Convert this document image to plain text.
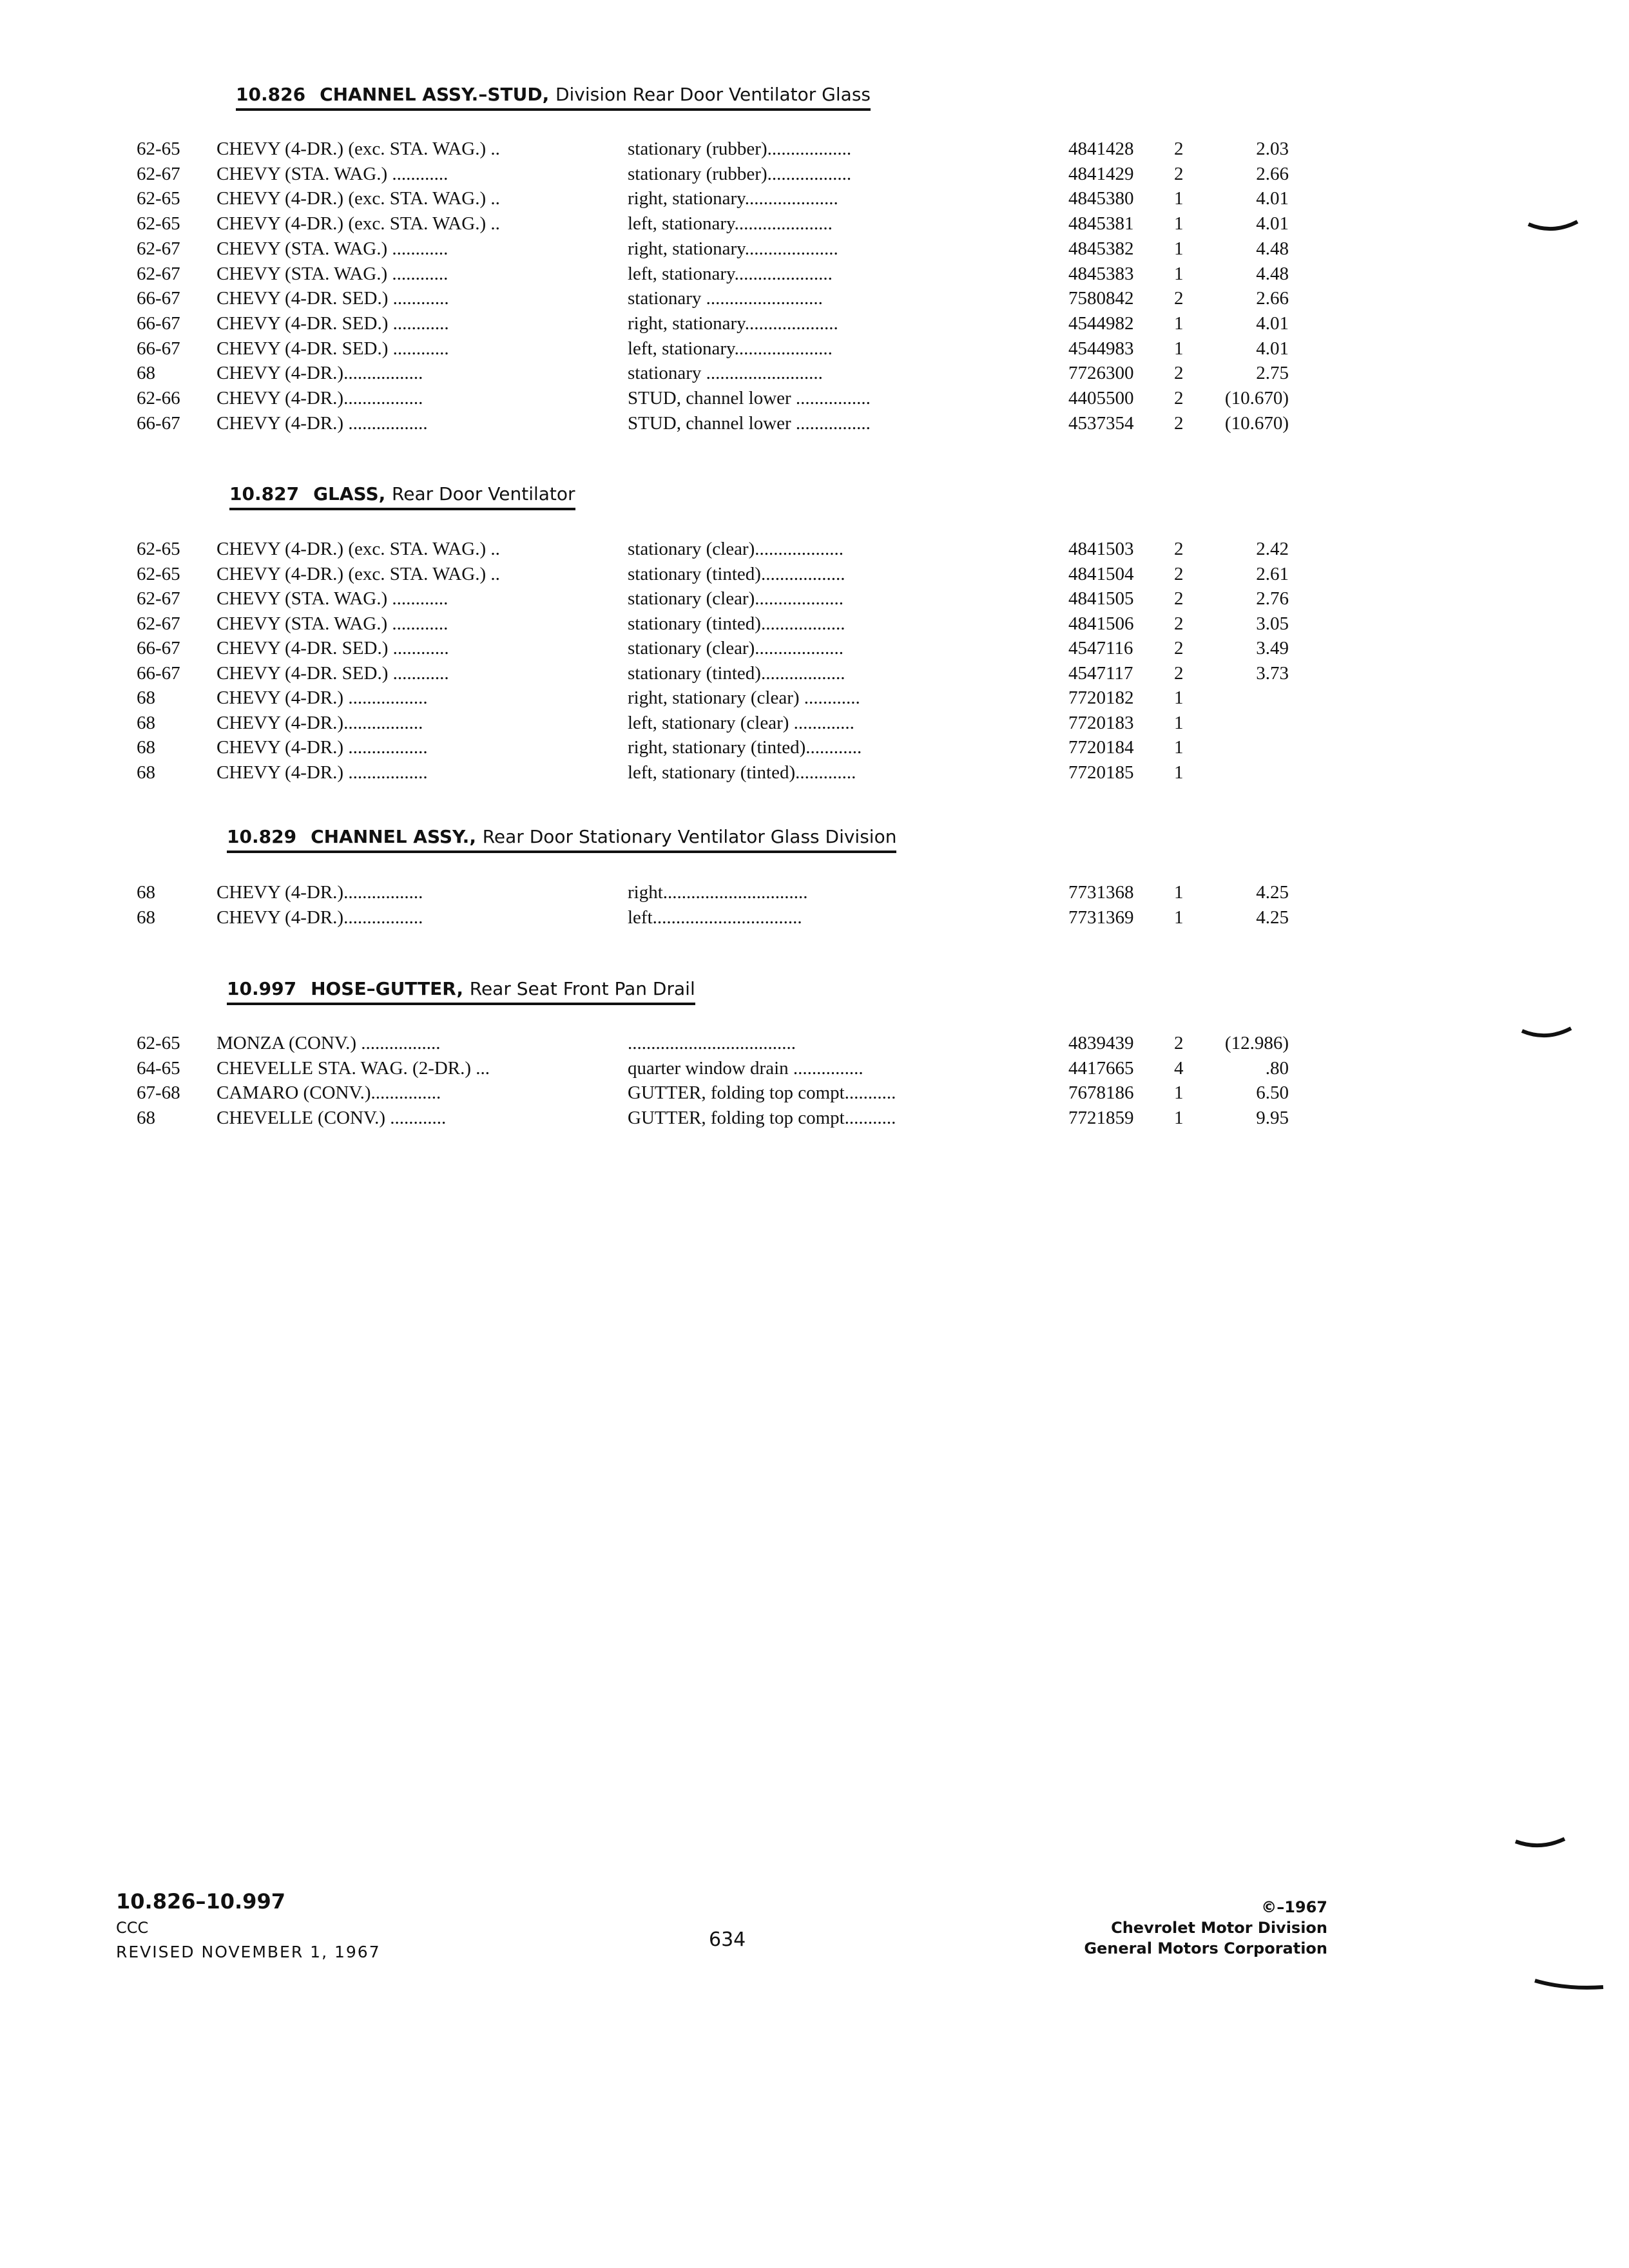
10.826 CHANNEL ASSY.–STUD, Division Rear Door Ventilator Glass
62-65 CHEVY (4-DR.) (exc. STA. WAG.) ..	stationary (rubber)..................	4841428 2	2.03
62-67 CHEVY (STA. WAG.) ............	stationary (rubber)..................	4841429 2	2.66
62-65 CHEVY (4-DR.) (exc. STA. WAG.) ..	right, stationary....................	4845380 1	4.01
62-65 CHEVY (4-DR.) (exc. STA. WAG.) ..	left, stationary.....................	4845381 1	4.01
62-67 CHEVY (STA. WAG.) ............	right, stationary....................	4845382 1	4.48
62-67 CHEVY (STA. WAG.) ............	left, stationary.....................	4845383 1	4.48
66-67 CHEVY (4-DR. SED.) ............	stationary .........................	7580842 2	2.66
66-67 CHEVY (4-DR. SED.) ............	right, stationary....................	4544982 1	4.01
66-67 CHEVY (4-DR. SED.) ............	left, stationary.....................	4544983 1	4.01
68	CHEVY (4-DR.).................	stationary .........................	7726300 2	2.75
62-66 CHEVY (4-DR.).................	STUD, channel lower ................	4405500 2	(10.670)
66-67 CHEVY (4-DR.) .................	STUD, channel lower ................	4537354 2	(10.670)
10.827 GLASS, Rear Door Ventilator
62-65 CHEVY (4-DR.) (exc. STA. WAG.) ..	stationary (clear)...................	4841503 2	2.42
62-65 CHEVY (4-DR.) (exc. STA. WAG.) ..	stationary (tinted)..................	4841504 2	2.61
62-67 CHEVY (STA. WAG.) ............	stationary (clear)...................	4841505 2	2.76
62-67 CHEVY (STA. WAG.) ............	stationary (tinted)..................	4841506 2	3.05
66-67 CHEVY (4-DR. SED.) ............	stationary (clear)...................	4547116 2	3.49
66-67 CHEVY (4-DR. SED.) ............	stationary (tinted)..................	4547117 2	3.73
68	CHEVY (4-DR.) .................	right, stationary (clear) ............	7720182 1
68	CHEVY (4-DR.).................	left, stationary (clear) .............	7720183 1
68	CHEVY (4-DR.) .................	right, stationary (tinted)............	7720184 1
68	CHEVY (4-DR.) .................	left, stationary (tinted).............	7720185 1
10.829 CHANNEL ASSY., Rear Door Stationary Ventilator Glass Division
68	CHEVY (4-DR.).................	right...............................	7731368 1	4.25
68	CHEVY (4-DR.).................	left................................	7731369 1	4.25
10.997 HOSE–GUTTER, Rear Seat Front Pan Drail
62-65 MONZA (CONV.) .................	....................................	4839439 2	(12.986)
64-65 CHEVELLE STA. WAG. (2-DR.) ...	quarter window drain ...............	4417665 4	.80
67-68 CAMARO (CONV.)...............	GUTTER, folding top compt...........	7678186 1	6.50
68	CHEVELLE (CONV.) ............	GUTTER, folding top compt...........	7721859 1	9.95
10.826–10.997
CCC
REVISED NOVEMBER 1, 1967
634
©–1967
Chevrolet Motor Division
General Motors Corporation
